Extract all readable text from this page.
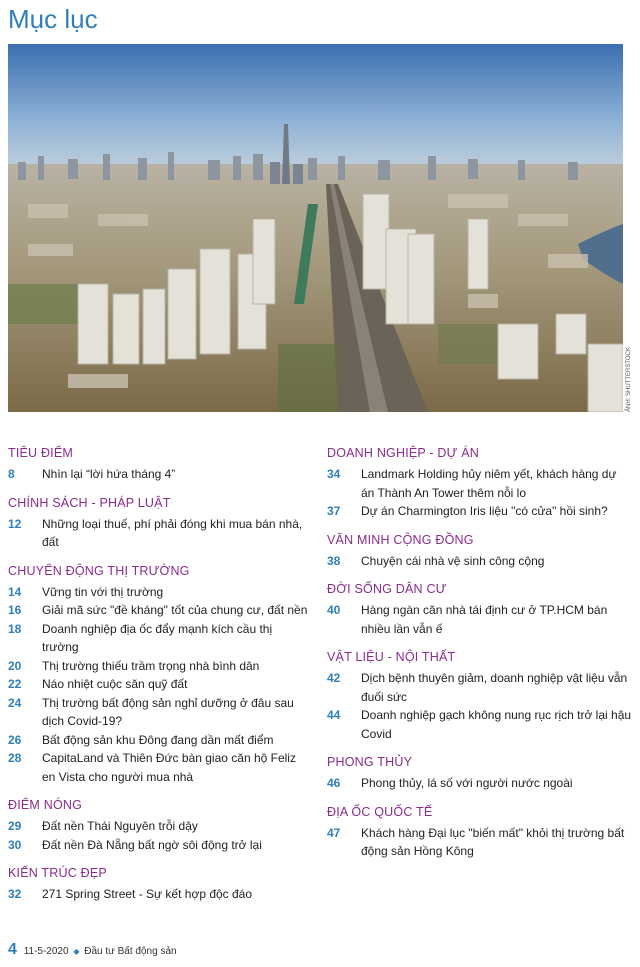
Mục lục
ẢNH: SHUTTERSTOCK
TIÊU ĐIỂM
8	Nhìn lại “lời hứa tháng 4”
CHÍNH SÁCH - PHÁP LUẬT
12	Những loại thuế, phí phải đóng khi mua bán nhà, đất
CHUYỂN ĐỘNG THỊ TRƯỜNG
14	Vững tin với thị trường
16	Giải mã sức "đề kháng" tốt của chung cư, đất nền
18	Doanh nghiệp địa ốc đẩy mạnh kích cầu thị trường
20	Thị trường thiếu trầm trọng nhà bình dân
22	Náo nhiệt cuộc săn quỹ đất
24	Thị trường bất động sản nghỉ dưỡng ở đâu sau dịch Covid-19?
26	Bất động sản khu Đông đang dần mất điểm
28	CapitaLand và Thiên Đức bàn giao căn hộ Feliz en Vista cho người mua nhà
ĐIỂM NÓNG
29	Đất nền Thái Nguyên trỗi dậy
30	Đất nền Đà Nẵng bất ngờ sôi động trở lại
KIẾN TRÚC ĐẸP
32	271 Spring Street - Sự kết hợp độc đáo
DOANH NGHIỆP - DỰ ÁN
34	Landmark Holding hủy niêm yết, khách hàng dự án Thành An Tower thêm nỗi lo
37	Dự án Charmington Iris liệu "có cửa" hồi sinh?
VĂN MINH CỘNG ĐỒNG
38	Chuyện cái nhà vệ sinh công cộng
ĐỜI SỐNG DÂN CƯ
40	Hàng ngàn căn nhà tái định cư ở TP.HCM bán nhiều lần vẫn ế
VẬT LIỆU - NỘI THẤT
42	Dịch bệnh thuyên giảm, doanh nghiệp vật liệu vẫn đuối sức
44	Doanh nghiệp gạch không nung rục rịch trở lại hậu Covid
PHONG THỦY
46	Phong thủy, lá số với người nước ngoài
ĐỊA ỐC QUỐC TẾ
47	Khách hàng Đại lục "biến mất" khỏi thị trường bất động sản Hồng Kông
4 11-5-2020 ◆ Đầu tư Bất động sản
